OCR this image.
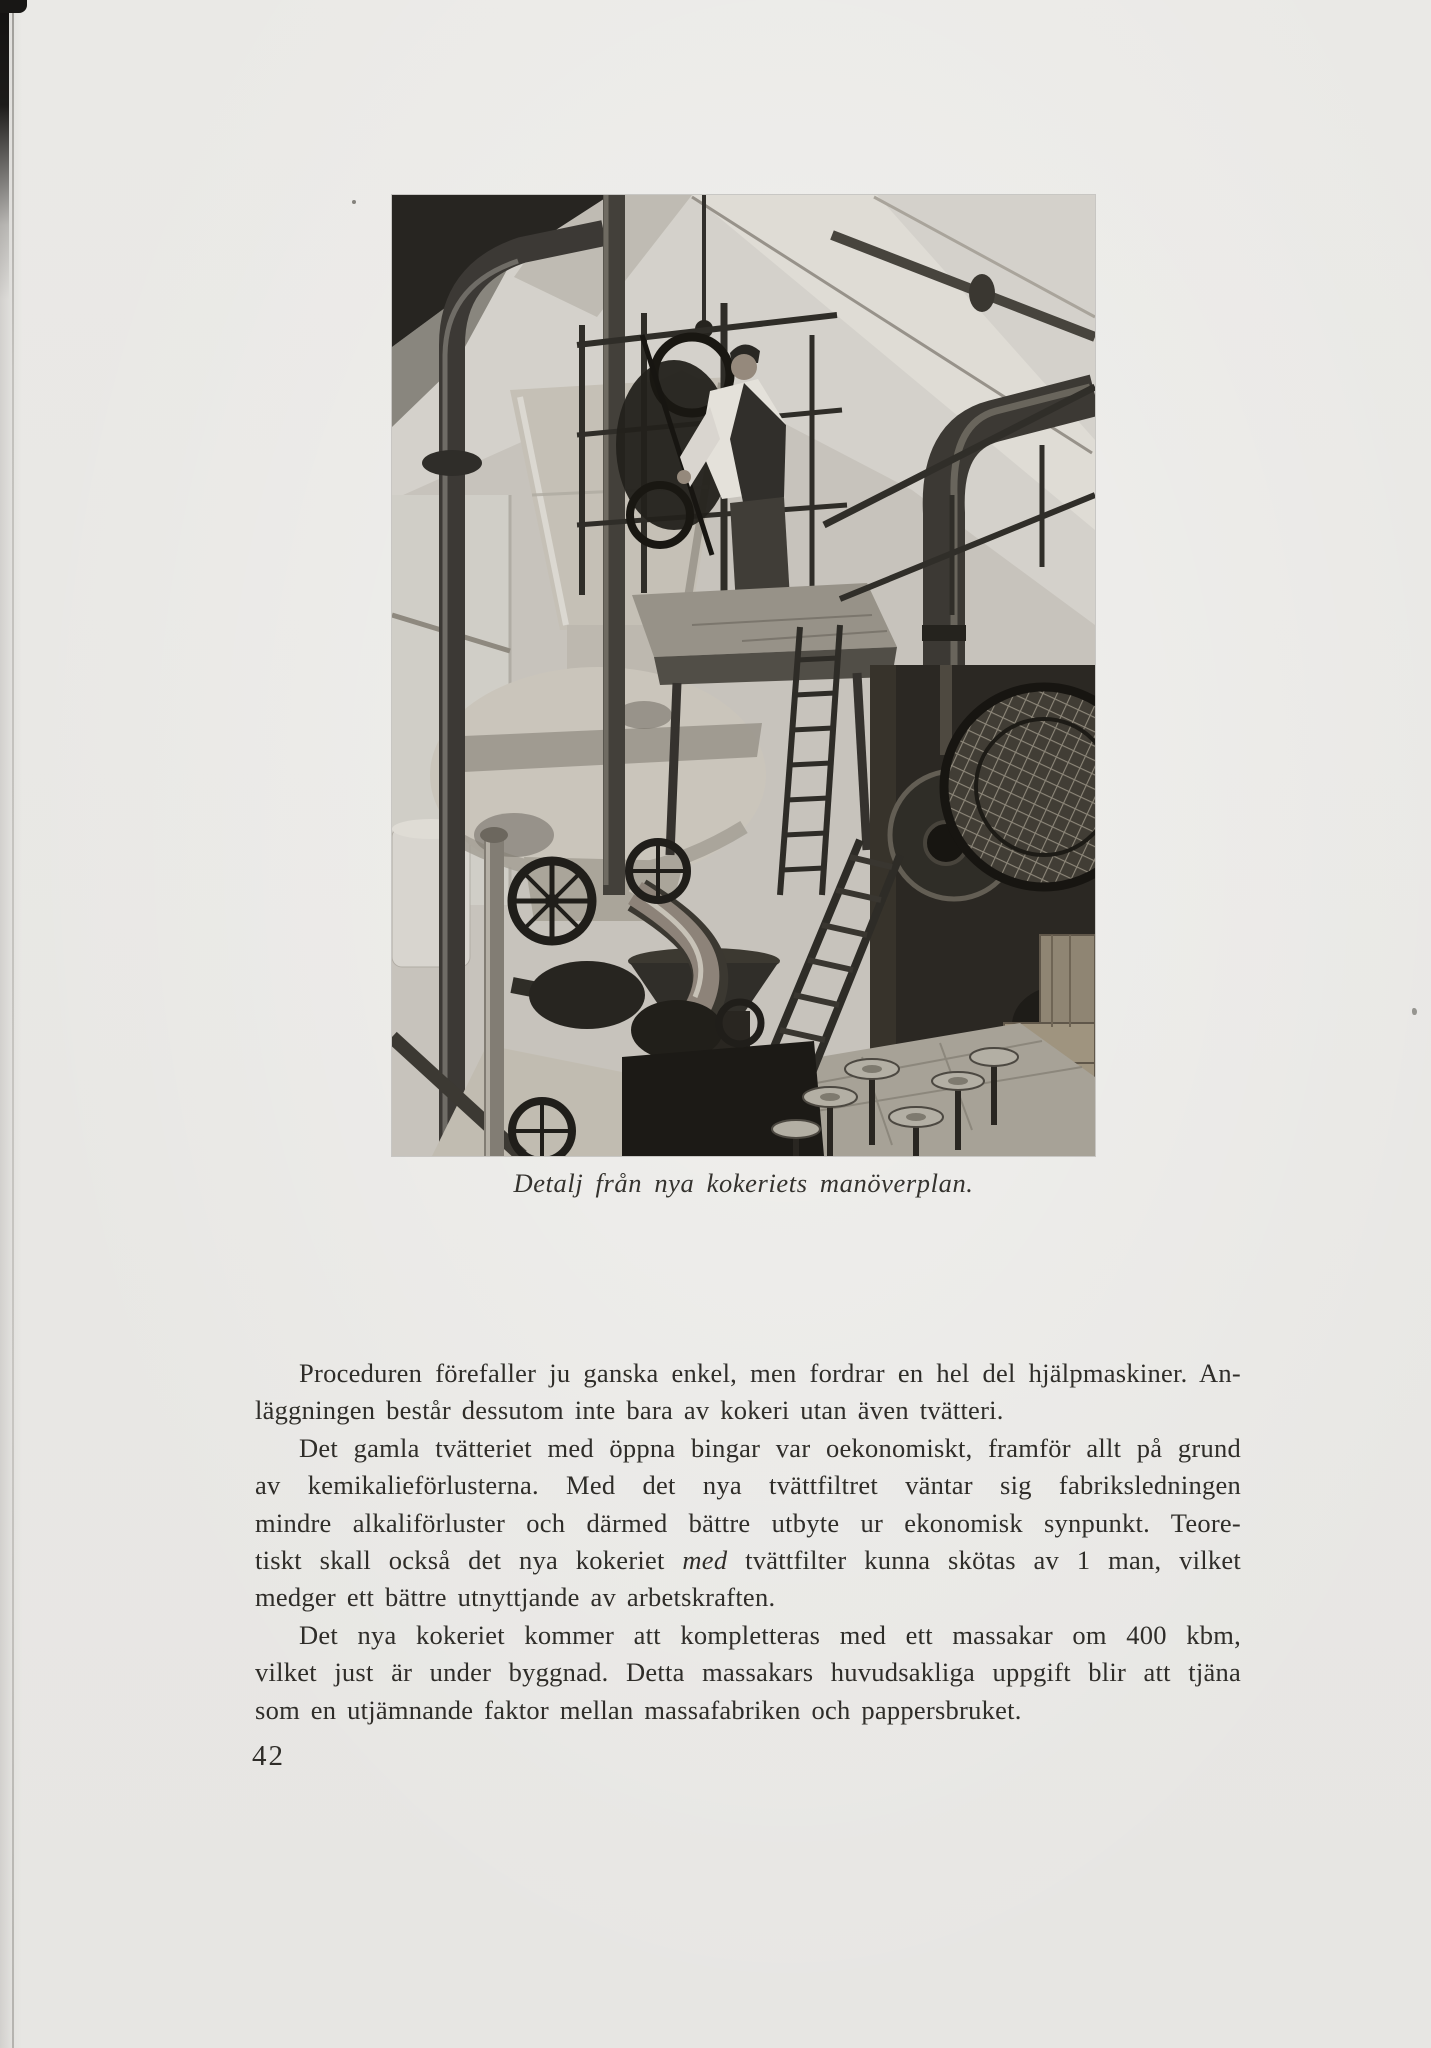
Detalj från nya kokeriets manöverplan.
Proceduren förefaller ju ganska enkel, men fordrar en hel del hjälpmaskiner. An-
läggningen består dessutom inte bara av kokeri utan även tvätteri.
Det gamla tvätteriet med öppna bingar var oekonomiskt, framför allt på grund
av kemikalieförlusterna. Med det nya tvättfiltret väntar sig fabriksledningen
mindre alkaliförluster och därmed bättre utbyte ur ekonomisk synpunkt. Teore-
tiskt skall också det nya kokeriet med tvättfilter kunna skötas av 1 man, vilket
medger ett bättre utnyttjande av arbetskraften.
Det nya kokeriet kommer att kompletteras med ett massakar om 400 kbm,
vilket just är under byggnad. Detta massakars huvudsakliga uppgift blir att tjäna
som en utjämnande faktor mellan massafabriken och pappersbruket.
42
